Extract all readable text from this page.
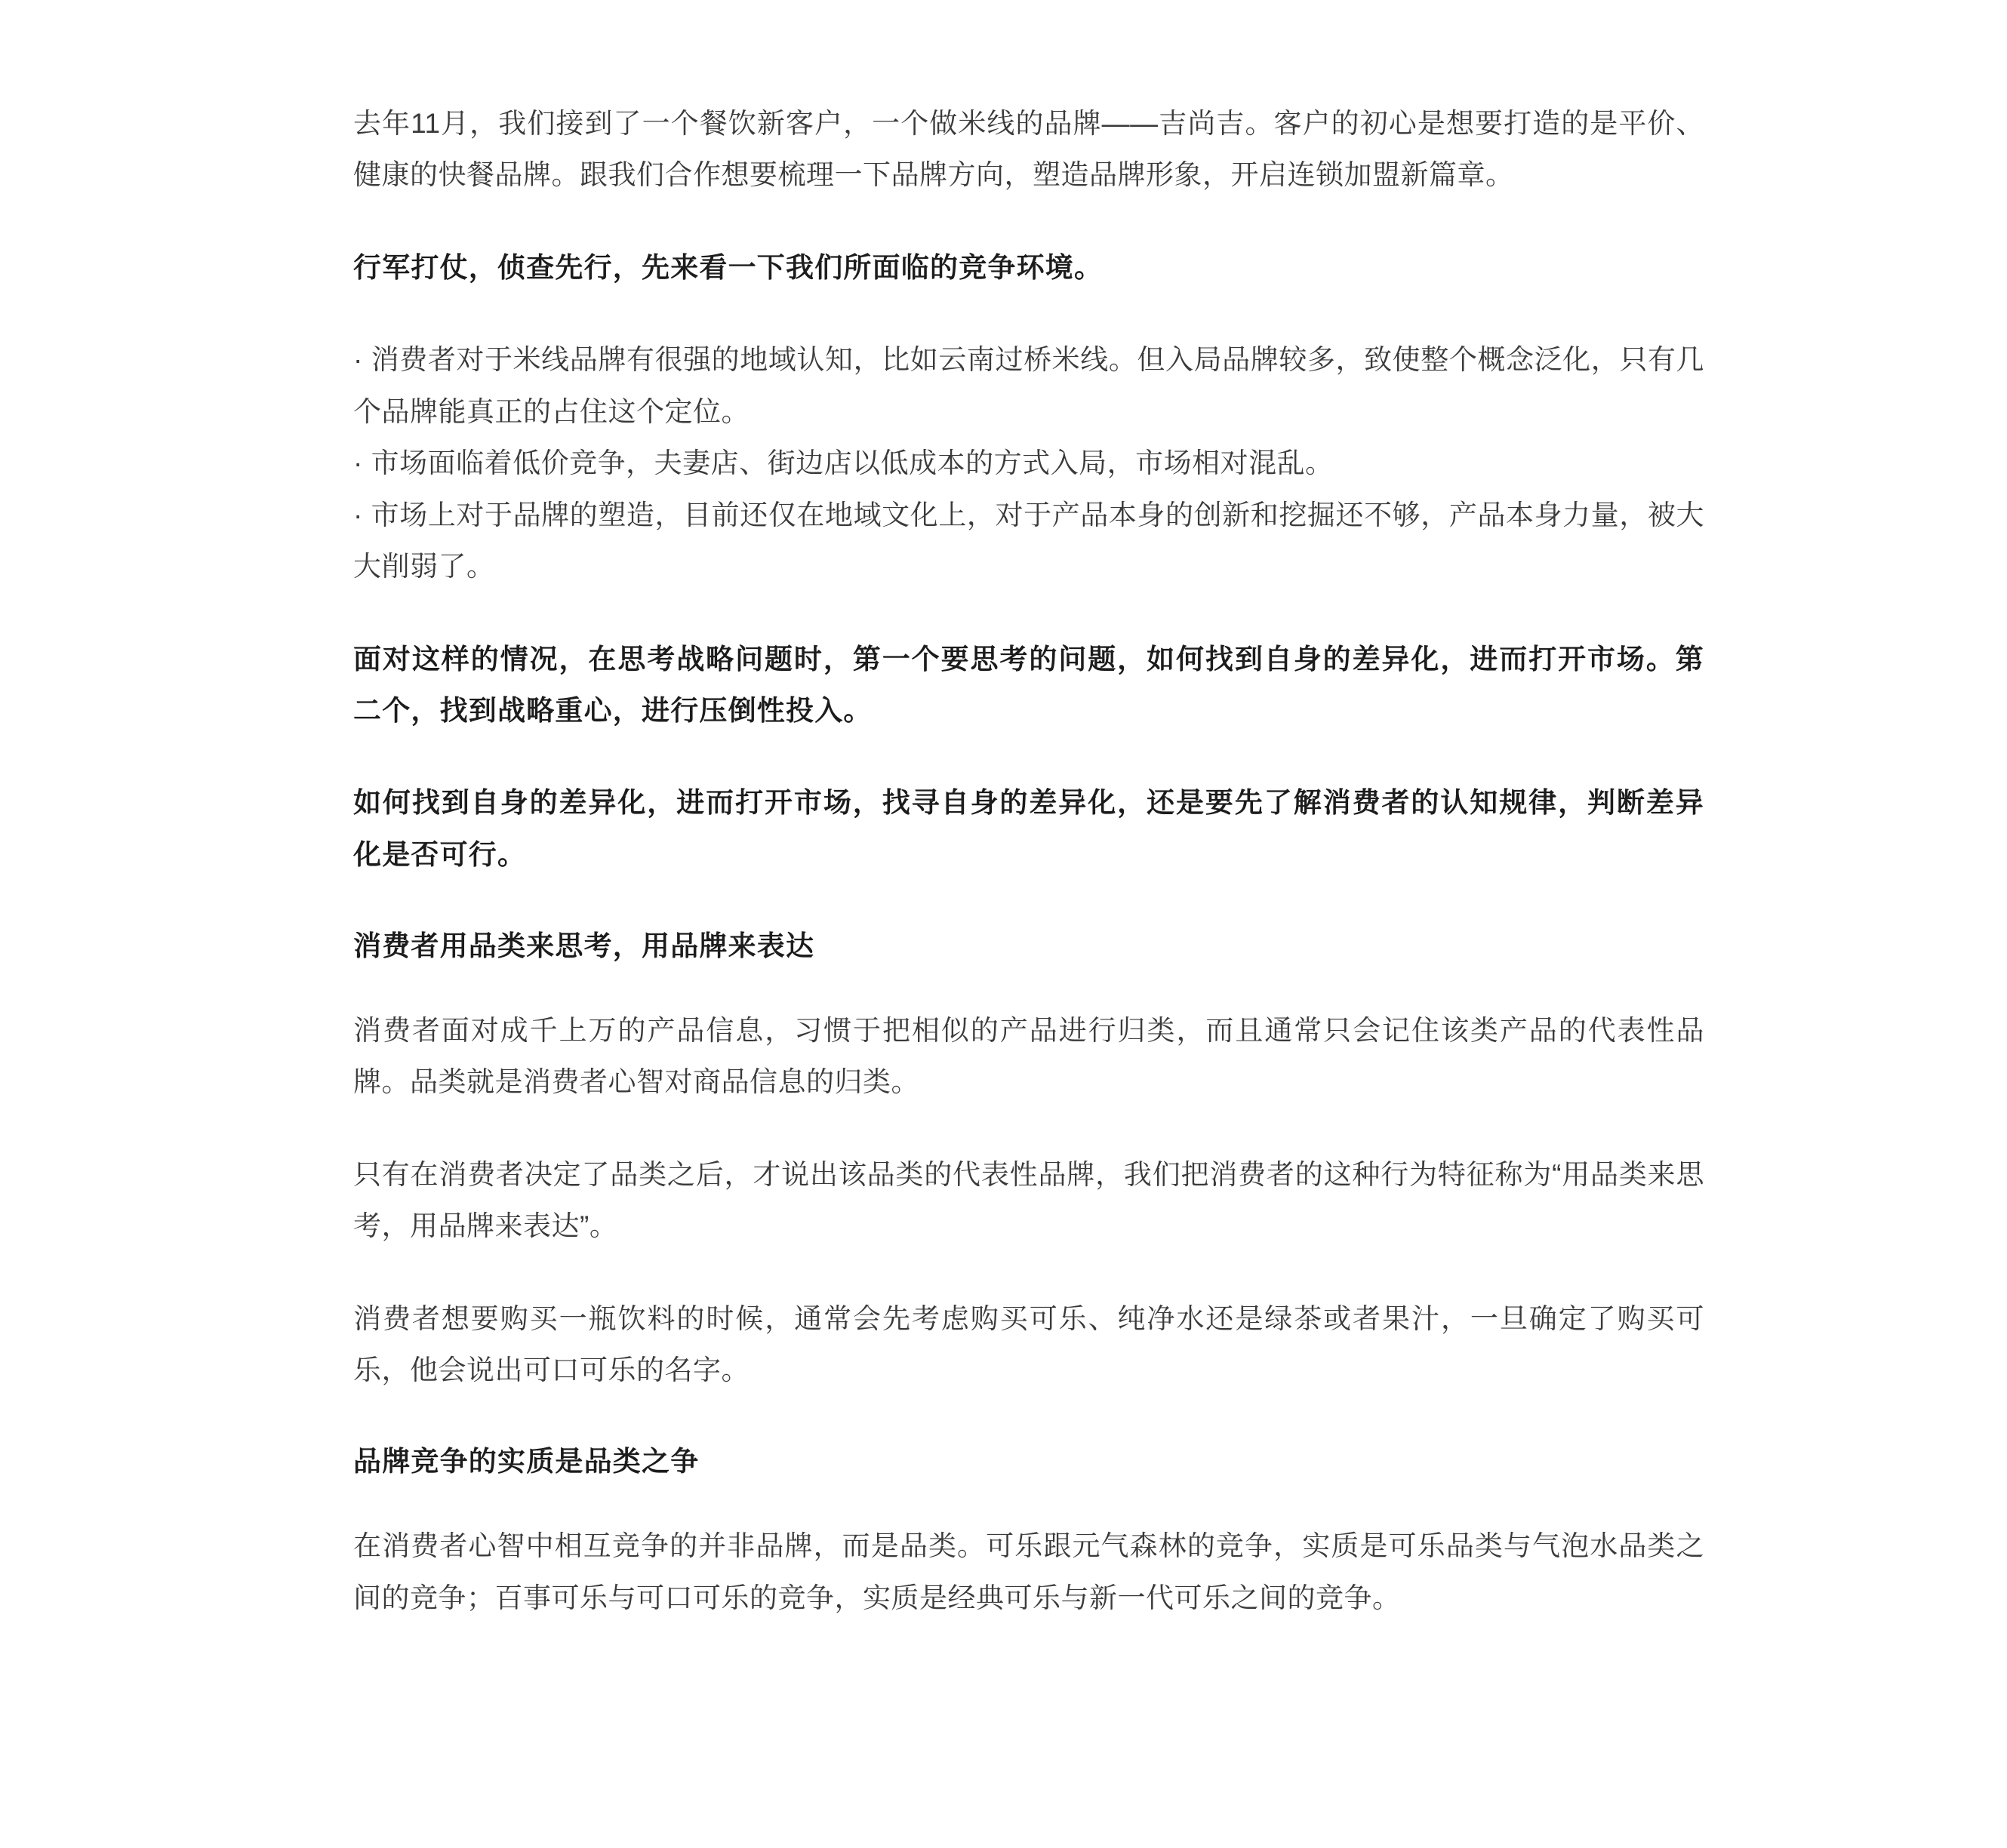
去年11月，我们接到了一个餐饮新客户，一个做米线的品牌——吉尚吉。客户的初心是想要打造的是平价、健康的快餐品牌。跟我们合作想要梳理一下品牌方向，塑造品牌形象，开启连锁加盟新篇章。

行军打仗，侦查先行，先来看一下我们所面临的竞争环境。

· 消费者对于米线品牌有很强的地域认知，比如云南过桥米线。但入局品牌较多，致使整个概念泛化，只有几个品牌能真正的占住这个定位。

· 市场面临着低价竞争，夫妻店、街边店以低成本的方式入局，市场相对混乱。

· 市场上对于品牌的塑造，目前还仅在地域文化上，对于产品本身的创新和挖掘还不够，产品本身力量，被大大削弱了。

面对这样的情况，在思考战略问题时，第一个要思考的问题，如何找到自身的差异化，进而打开市场。第二个，找到战略重心，进行压倒性投入。

如何找到自身的差异化，进而打开市场，找寻自身的差异化，还是要先了解消费者的认知规律，判断差异化是否可行。

消费者用品类来思考，用品牌来表达

消费者面对成千上万的产品信息，习惯于把相似的产品进行归类，而且通常只会记住该类产品的代表性品牌。品类就是消费者心智对商品信息的归类。

只有在消费者决定了品类之后，才说出该品类的代表性品牌，我们把消费者的这种行为特征称为“用品类来思考，用品牌来表达”。

消费者想要购买一瓶饮料的时候，通常会先考虑购买可乐、纯净水还是绿茶或者果汁，一旦确定了购买可乐，他会说出可口可乐的名字。

品牌竞争的实质是品类之争

在消费者心智中相互竞争的并非品牌，而是品类。可乐跟元气森林的竞争，实质是可乐品类与气泡水品类之间的竞争；百事可乐与可口可乐的竞争，实质是经典可乐与新一代可乐之间的竞争。
